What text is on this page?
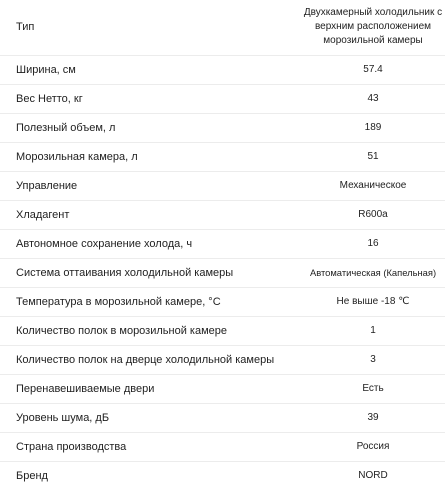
Тип	Двухкамерный холодильник с верхним расположением морозильной камеры
Ширина, см	57.4
Вес Нетто, кг	43
Полезный объем, л	189
Морозильная камера, л	51
Управление	Механическое
Хладагент	R600a
Автономное сохранение холода, ч	16
Система оттаивания холодильной камеры	Автоматическая (Капельная)
Температура в морозильной камере, °С	Не выше -18 ℃
Количество полок в морозильной камере	1
Количество полок на дверце холодильной камеры	3
Перенавешиваемые двери	Есть
Уровень шума, дБ	39
Страна производства	Россия
Бренд	NORD
